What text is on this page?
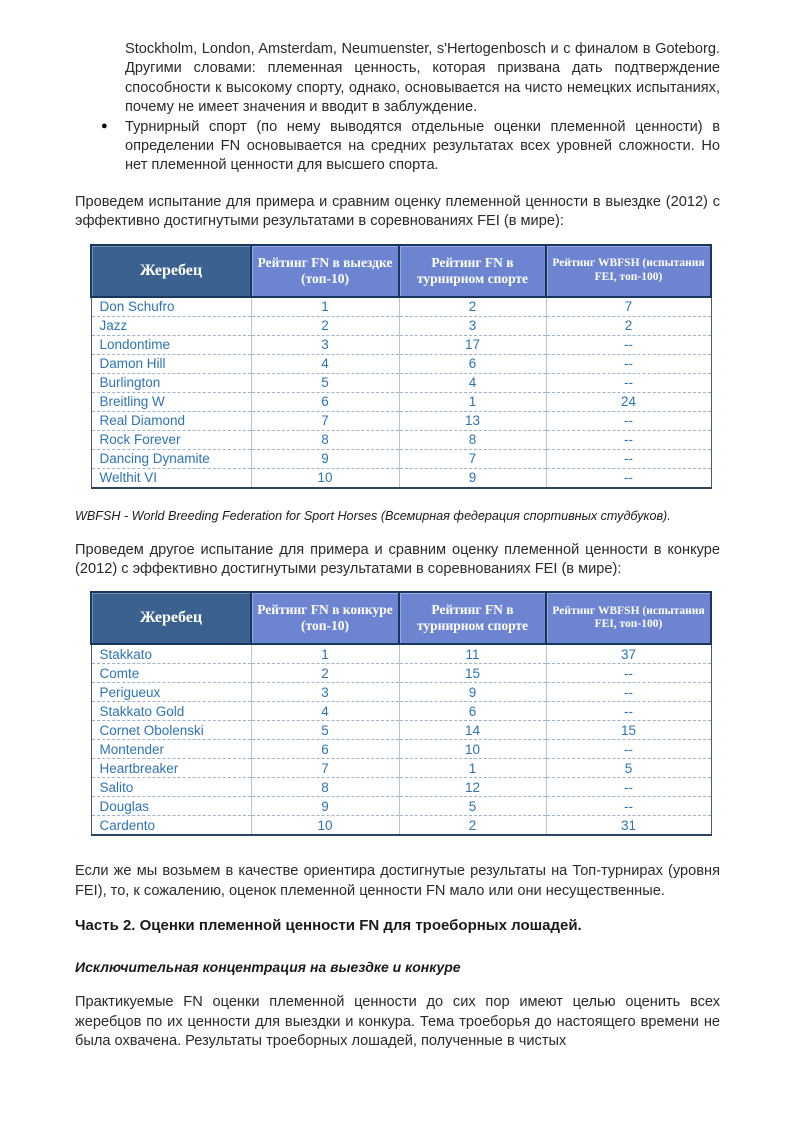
Stockholm, London, Amsterdam, Neumuenster, s'Hertogenbosch и с финалом в Goteborg. Другими словами: племенная ценность, которая призвана дать подтверждение способности к высокому спорту, однако, основывается на чисто немецких испытаниях, почему не имеет значения и вводит в заблуждение.

● Турнирный спорт (по нему выводятся отдельные оценки племенной ценности) в определении FN основывается на средних результатах всех уровней сложности. Но нет племенной ценности для высшего спорта.

Проведем испытание для примера и сравним оценку племенной ценности в выездке (2012) с эффективно достигнутыми результатами в соревнованиях FEI (в мире):

Жеребец	Рейтинг FN в выездке (топ-10)	Рейтинг FN в турнирном спорте	Рейтинг WBFSH (испытания FEI, топ-100)
Don Schufro	1	2	7
Jazz	2	3	2
Londontime	3	17	--
Damon Hill	4	6	--
Burlington	5	4	--
Breitling W	6	1	24
Real Diamond	7	13	--
Rock Forever	8	8	--
Dancing Dynamite	9	7	--
Welthit VI	10	9	--

WBFSH - World Breeding Federation for Sport Horses (Всемирная федерация спортивных студбуков).

Проведем другое испытание для примера и сравним оценку племенной ценности в конкуре (2012) с эффективно достигнутыми результатами в соревнованиях FEI (в мире):

Жеребец	Рейтинг FN в конкуре (топ-10)	Рейтинг FN в турнирном спорте	Рейтинг WBFSH (испытания FEI, топ-100)
Stakkato	1	11	37
Comte	2	15	--
Perigueux	3	9	--
Stakkato Gold	4	6	--
Cornet Obolenski	5	14	15
Montender	6	10	--
Heartbreaker	7	1	5
Salito	8	12	--
Douglas	9	5	--
Cardento	10	2	31

Если же мы возьмем в качестве ориентира достигнутые результаты на Топ-турнирах (уровня FEI), то, к сожалению, оценок племенной ценности FN мало или они несущественные.

Часть 2. Оценки племенной ценности FN для троеборных лошадей.

Исключительная концентрация на выездке и конкуре

Практикуемые FN оценки племенной ценности до сих пор имеют целью оценить всех жеребцов по их ценности для выездки и конкура. Тема троеборья до настоящего времени не была охвачена. Результаты троеборных лошадей, полученные в чистых
